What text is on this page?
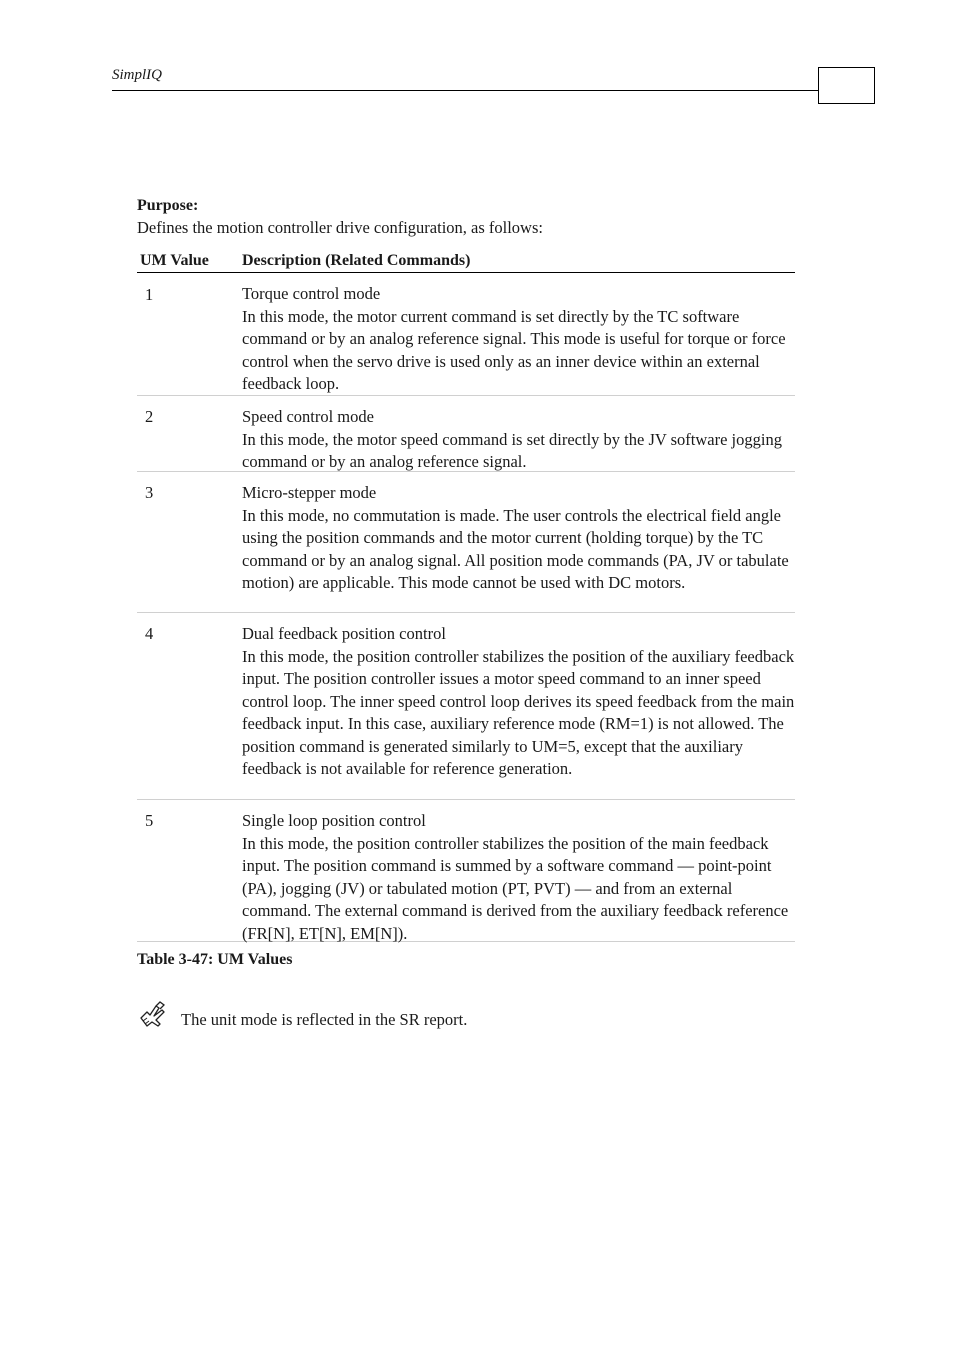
SimplIQ
Purpose:
Defines the motion controller drive configuration, as follows:
UM Value	Description (Related Commands)
1	Torque control mode
In this mode, the motor current command is set directly by the TC software command or by an analog reference signal. This mode is useful for torque or force control when the servo drive is used only as an inner device within an external feedback loop.
2	Speed control mode
In this mode, the motor speed command is set directly by the JV software jogging command or by an analog reference signal.
3	Micro-stepper mode
In this mode, no commutation is made. The user controls the electrical field angle using the position commands and the motor current (holding torque) by the TC command or by an analog signal. All position mode commands (PA, JV or tabulate motion) are applicable. This mode cannot be used with DC motors.
4	Dual feedback position control
In this mode, the position controller stabilizes the position of the auxiliary feedback input. The position controller issues a motor speed command to an inner speed control loop. The inner speed control loop derives its speed feedback from the main feedback input. In this case, auxiliary reference mode (RM=1) is not allowed. The position command is generated similarly to UM=5, except that the auxiliary feedback is not available for reference generation.
5	Single loop position control
In this mode, the position controller stabilizes the position of the main feedback input. The position command is summed by a software command — point-point (PA), jogging (JV) or tabulated motion (PT, PVT) — and from an external command. The external command is derived from the auxiliary feedback reference (FR[N], ET[N], EM[N]).
Table 3-47: UM Values
The unit mode is reflected in the SR report.
